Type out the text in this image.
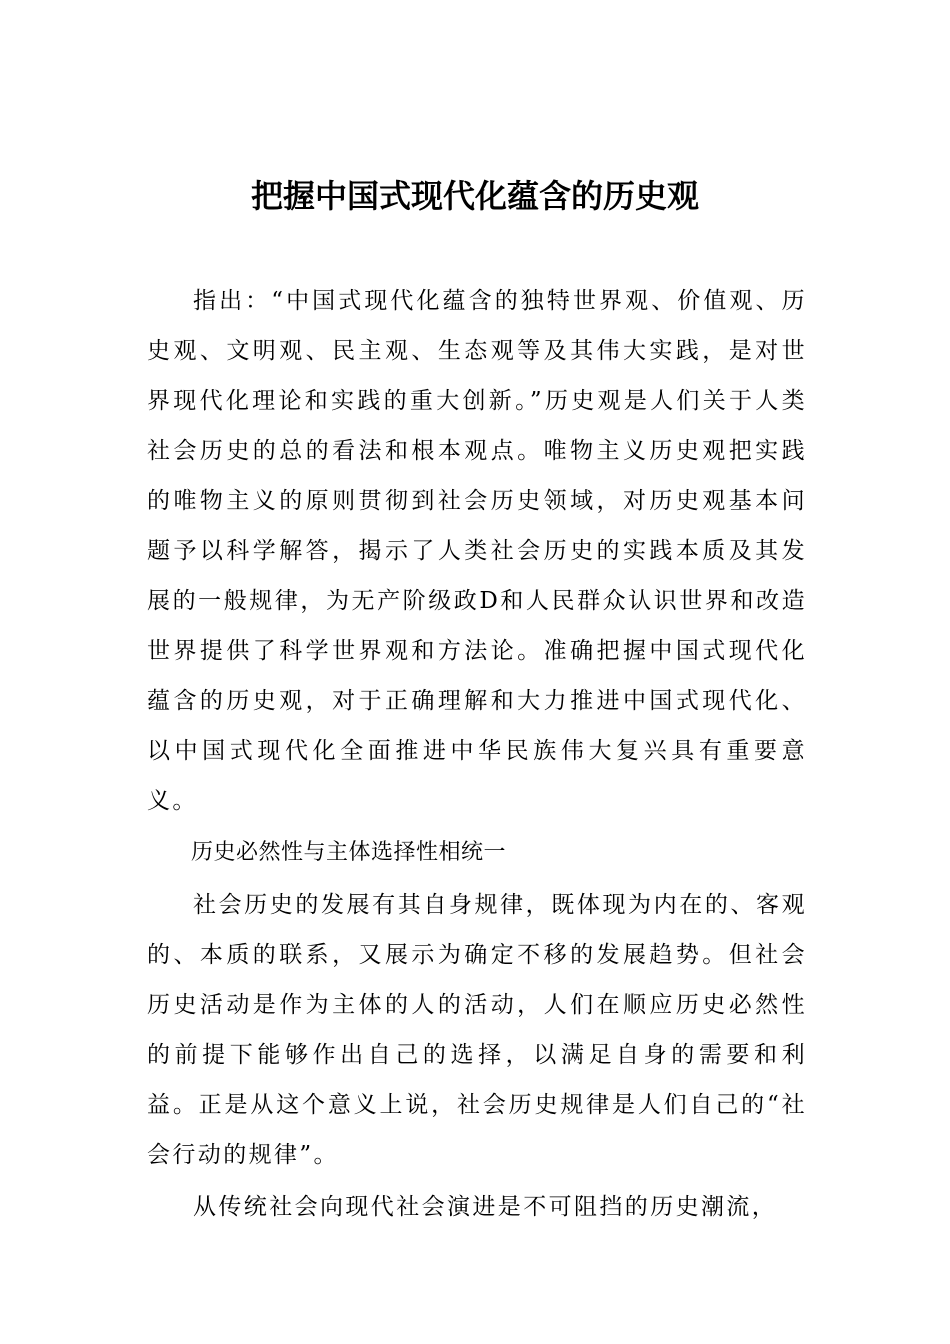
把握中国式现代化蕴含的历史观

指出：“中国式现代化蕴含的独特世界观、价值观、历史观、文明观、民主观、生态观等及其伟大实践，是对世界现代化理论和实践的重大创新。”历史观是人们关于人类社会历史的总的看法和根本观点。唯物主义历史观把实践的唯物主义的原则贯彻到社会历史领域，对历史观基本问题予以科学解答，揭示了人类社会历史的实践本质及其发展的一般规律，为无产阶级政D和人民群众认识世界和改造世界提供了科学世界观和方法论。准确把握中国式现代化蕴含的历史观，对于正确理解和大力推进中国式现代化、以中国式现代化全面推进中华民族伟大复兴具有重要意义。

历史必然性与主体选择性相统一

社会历史的发展有其自身规律，既体现为内在的、客观的、本质的联系，又展示为确定不移的发展趋势。但社会历史活动是作为主体的人的活动，人们在顺应历史必然性的前提下能够作出自己的选择，以满足自身的需要和利益。正是从这个意义上说，社会历史规律是人们自己的“社会行动的规律”。

从传统社会向现代社会演进是不可阻挡的历史潮流，
